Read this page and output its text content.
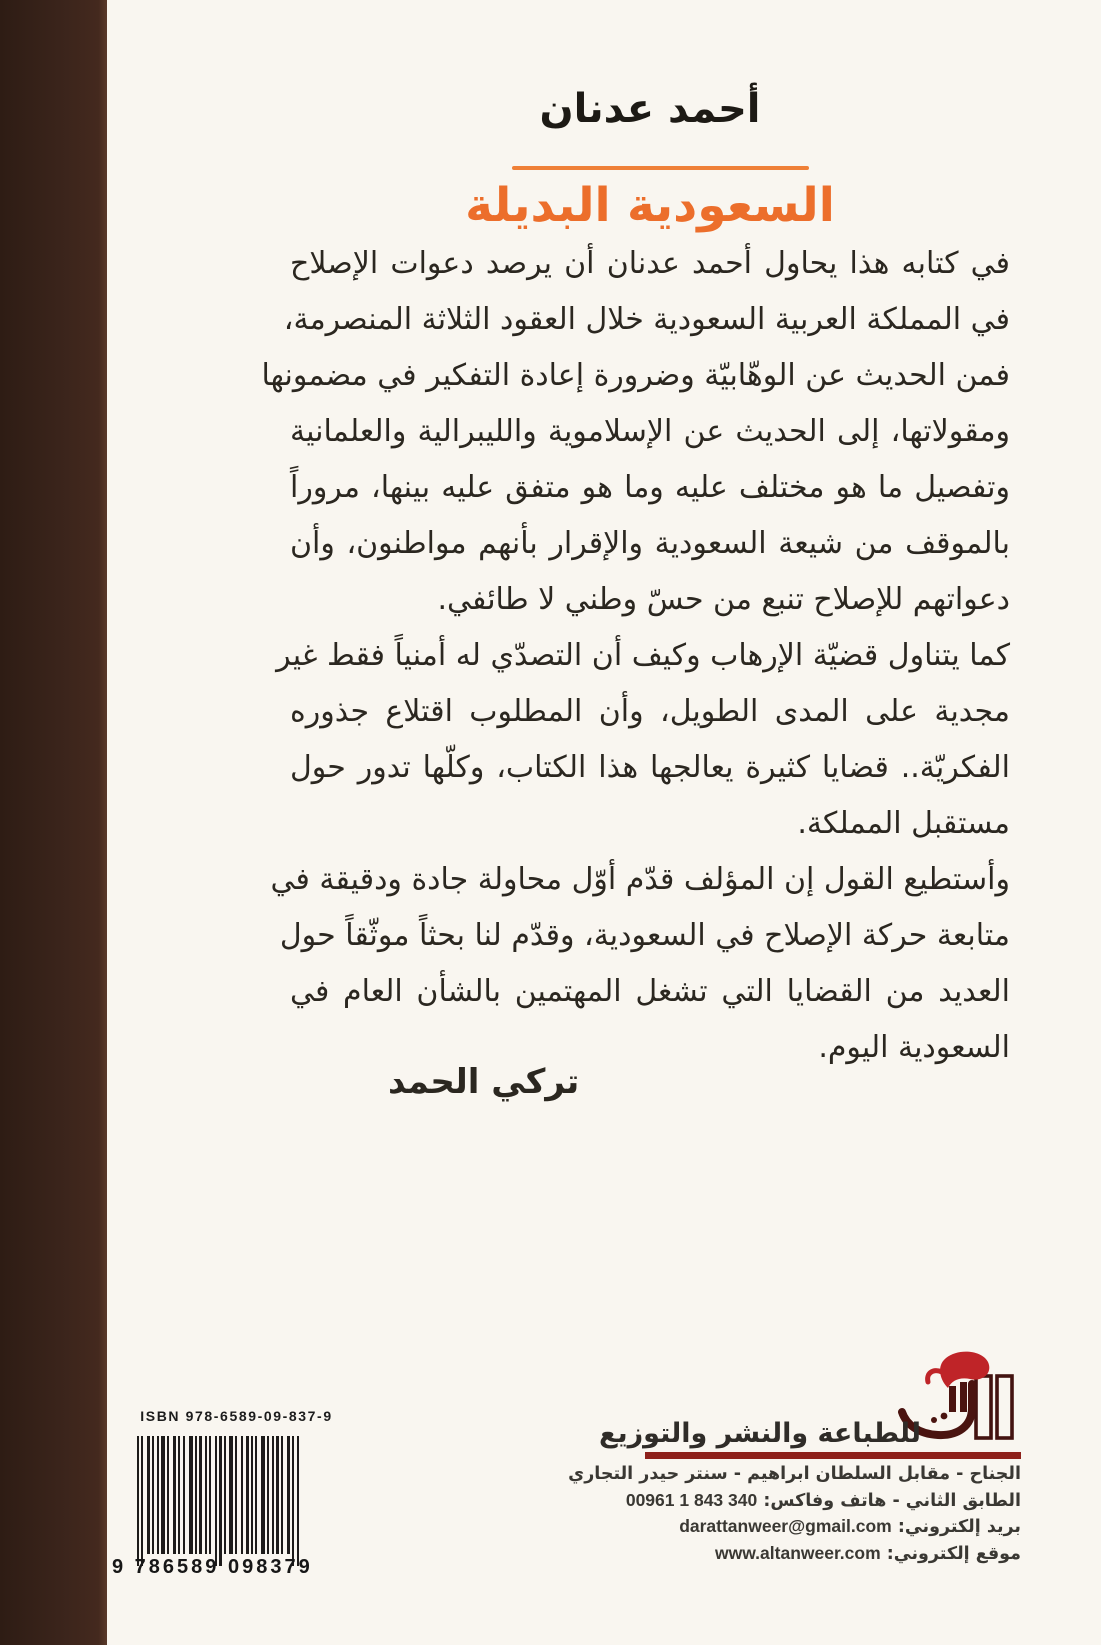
أحمد عدنان
السعودية البديلة
في كتابه هذا يحاول أحمد عدنان أن يرصد دعوات الإصلاح
في المملكة العربية السعودية خلال العقود الثلاثة المنصرمة،
فمن الحديث عن الوهّابيّة وضرورة إعادة التفكير في مضمونها
ومقولاتها، إلى الحديث عن الإسلاموية والليبرالية والعلمانية
وتفصيل ما هو مختلف عليه وما هو متفق عليه بينها، مروراً
بالموقف من شيعة السعودية والإقرار بأنهم مواطنون، وأن
دعواتهم للإصلاح تنبع من حسّ وطني لا طائفي.
كما يتناول قضيّة الإرهاب وكيف أن التصدّي له أمنياً فقط غير
مجدية على المدى الطويل، وأن المطلوب اقتلاع جذوره
الفكريّة.. قضايا كثيرة يعالجها هذا الكتاب، وكلّها تدور حول
مستقبل المملكة.
وأستطيع القول إن المؤلف قدّم أوّل محاولة جادة ودقيقة في
متابعة حركة الإصلاح في السعودية، وقدّم لنا بحثاً موثّقاً حول
العديد من القضايا التي تشغل المهتمين بالشأن العام في
السعودية اليوم.
تركي الحمد
ISBN 978-6589-09-837-9
9 786589 098379
للطباعة والنشر والتوزيع
الجناح - مقابل السلطان ابراهيم - سنتر حيدر التجاري
الطابق الثاني - هاتف وفاكس: 00961 1 843 340
بريد إلكتروني: darattanweer@gmail.com
موقع إلكتروني: www.altanweer.com
